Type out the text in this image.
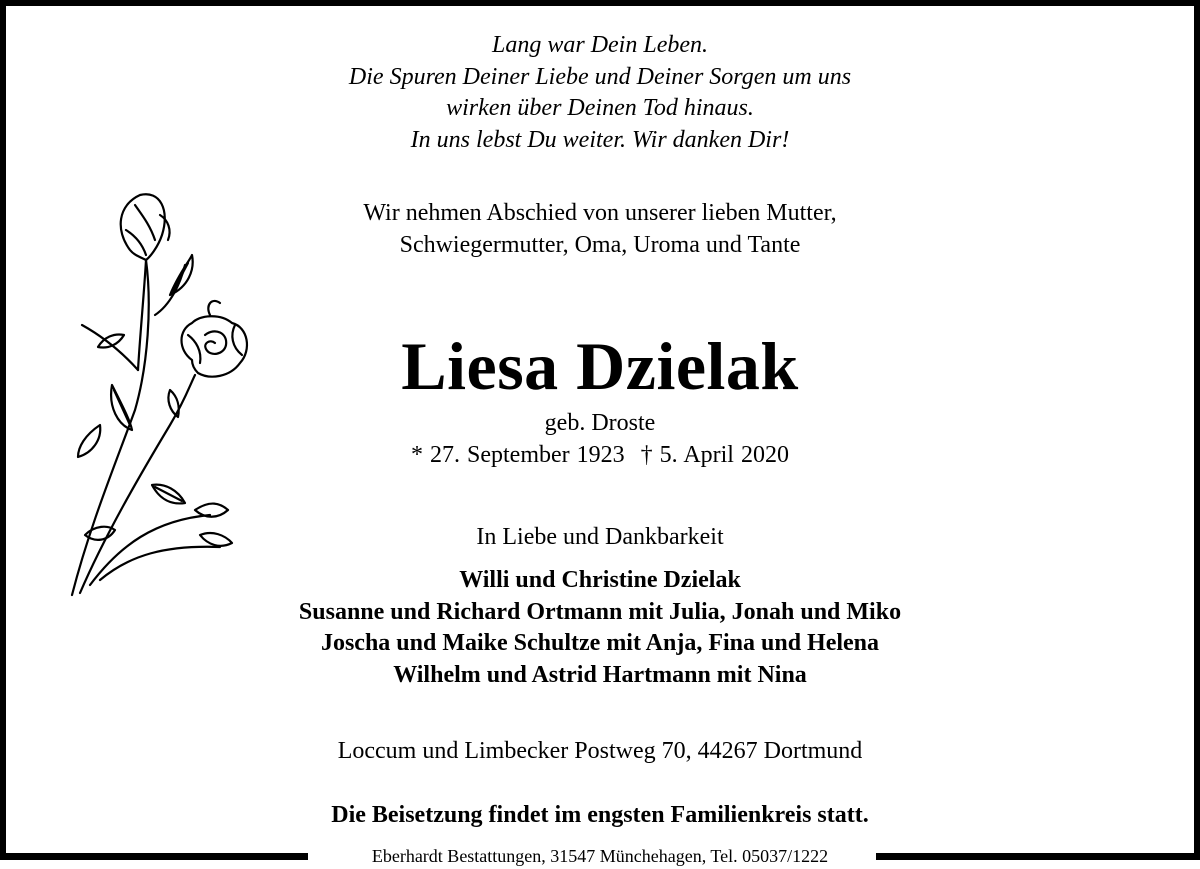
Lang war Dein Leben.
Die Spuren Deiner Liebe und Deiner Sorgen um uns
wirken über Deinen Tod hinaus.
In uns lebst Du weiter. Wir danken Dir!
Wir nehmen Abschied von unserer lieben Mutter,
Schwiegermutter, Oma, Uroma und Tante
Liesa Dzielak
geb. Droste
* 27. September 1923 † 5. April 2020
In Liebe und Dankbarkeit
Willi und Christine Dzielak
Susanne und Richard Ortmann mit Julia, Jonah und Miko
Joscha und Maike Schultze mit Anja, Fina und Helena
Wilhelm und Astrid Hartmann mit Nina
Loccum und Limbecker Postweg 70, 44267 Dortmund
Die Beisetzung findet im engsten Familienkreis statt.
Eberhardt Bestattungen, 31547 Münchehagen, Tel. 05037/1222
